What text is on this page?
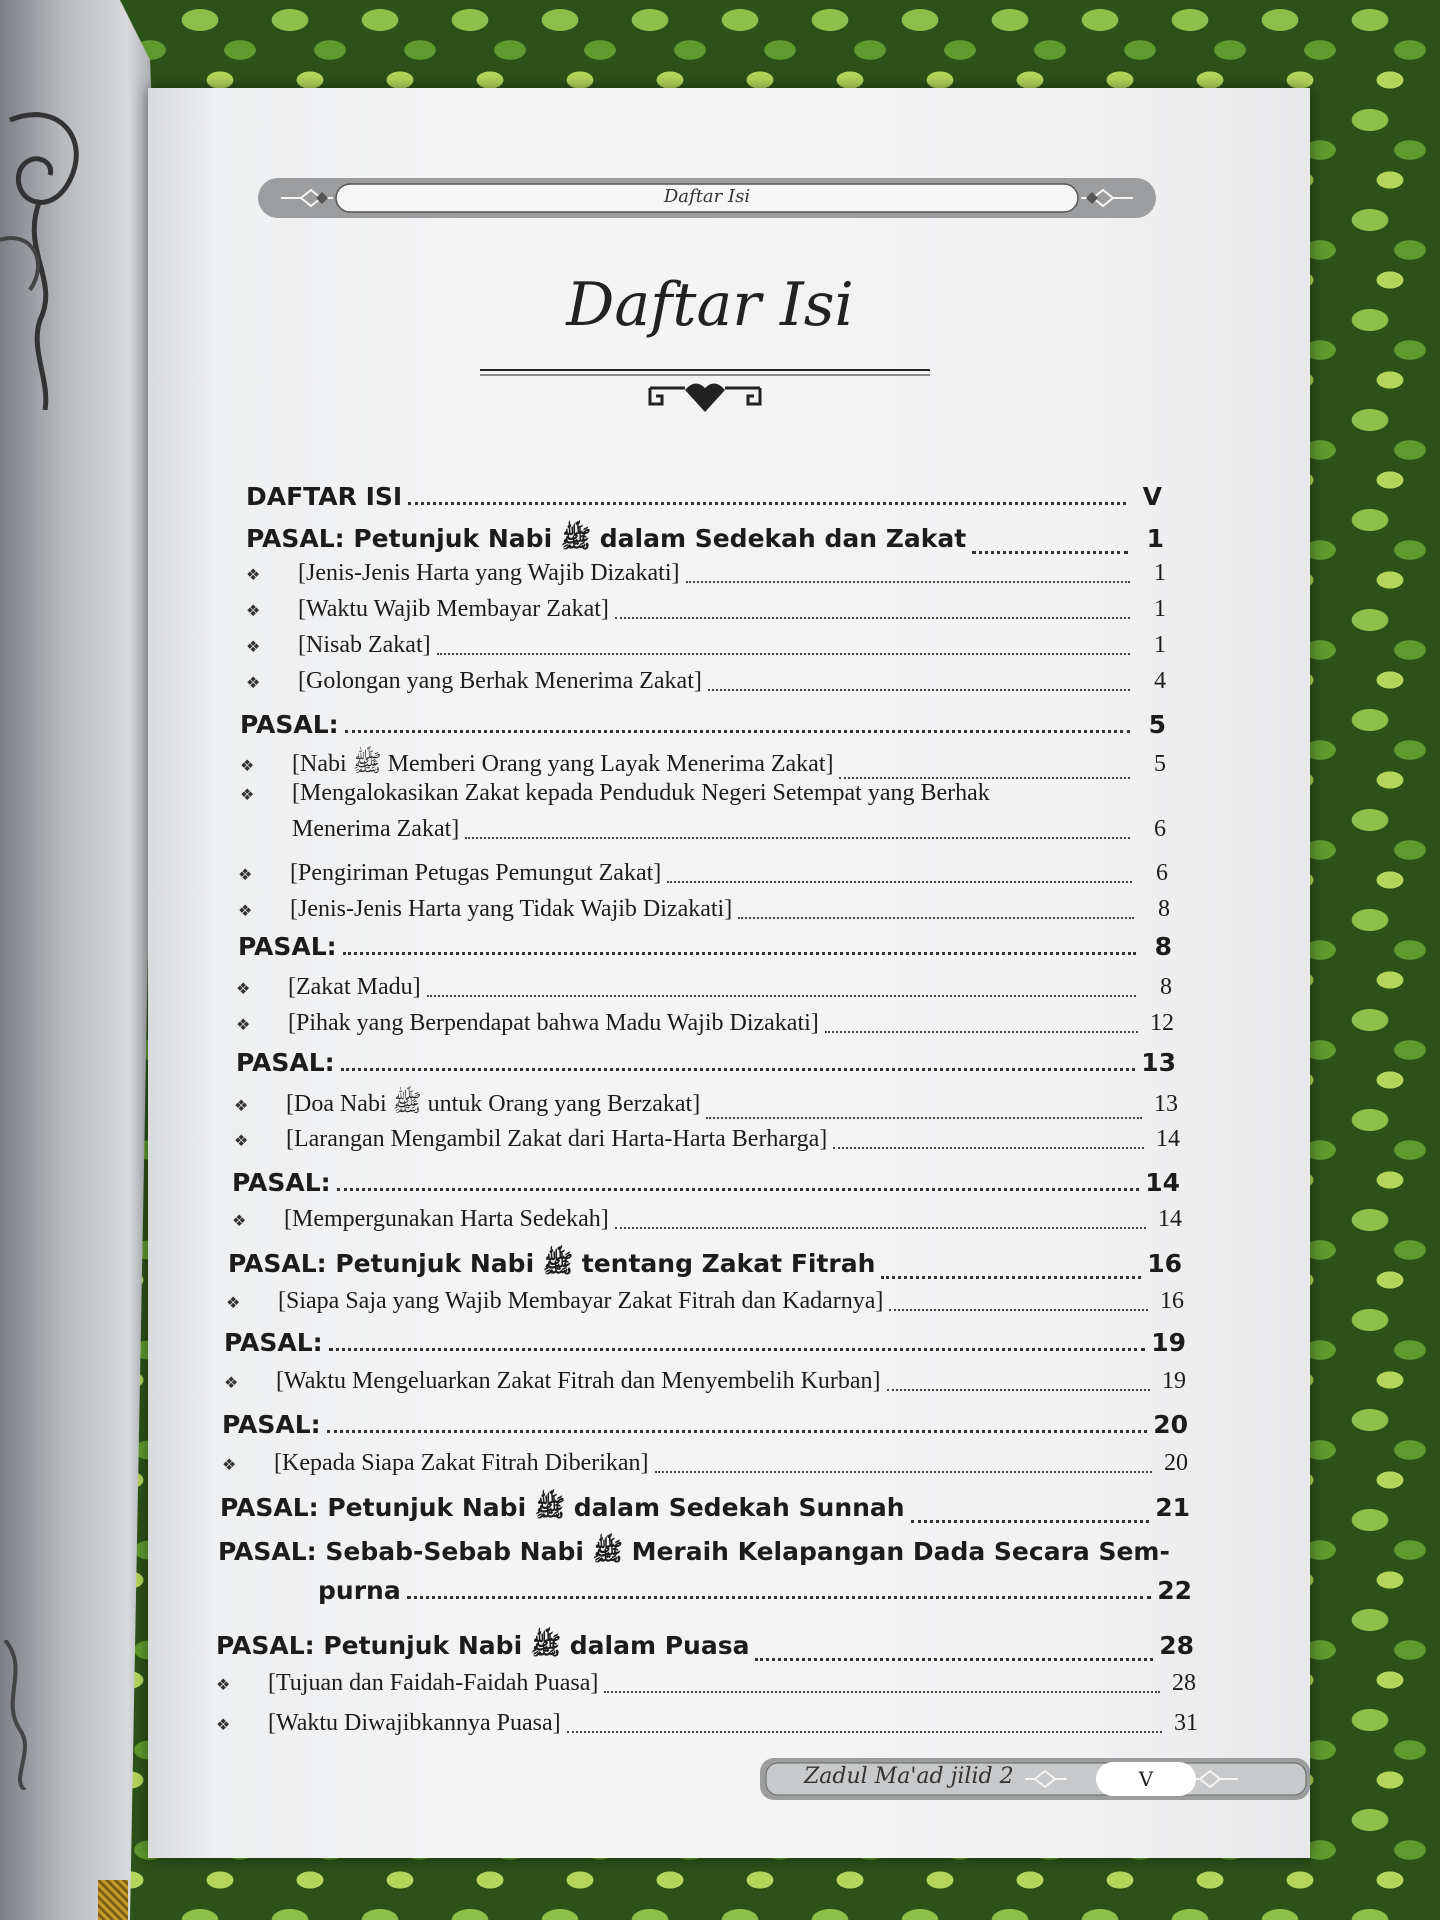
Daftar Isi
Daftar Isi
DAFTAR ISI	V
PASAL: Petunjuk Nabi ﷺ dalam Sedekah dan Zakat	1
❖	[Jenis-Jenis Harta yang Wajib Dizakati]	1
❖	[Waktu Wajib Membayar Zakat]	1
❖	[Nisab Zakat]	1
❖	[Golongan yang Berhak Menerima Zakat]	4
PASAL:	5
❖	[Nabi ﷺ Memberi Orang yang Layak Menerima Zakat]	5
❖	[Mengalokasikan Zakat kepada Penduduk Negeri Setempat yang Berhak
Menerima Zakat]	6
❖	[Pengiriman Petugas Pemungut Zakat]	6
❖	[Jenis-Jenis Harta yang Tidak Wajib Dizakati]	8
PASAL:	8
❖	[Zakat Madu]	8
❖	[Pihak yang Berpendapat bahwa Madu Wajib Dizakati]	12
PASAL:	13
❖	[Doa Nabi ﷺ untuk Orang yang Berzakat]	13
❖	[Larangan Mengambil Zakat dari Harta-Harta Berharga]	14
PASAL:	14
❖	[Mempergunakan Harta Sedekah]	14
PASAL: Petunjuk Nabi ﷺ tentang Zakat Fitrah	16
❖	[Siapa Saja yang Wajib Membayar Zakat Fitrah dan Kadarnya]	16
PASAL:	19
❖	[Waktu Mengeluarkan Zakat Fitrah dan Menyembelih Kurban]	19
PASAL:	20
❖	[Kepada Siapa Zakat Fitrah Diberikan]	20
PASAL: Petunjuk Nabi ﷺ dalam Sedekah Sunnah	21
PASAL: Sebab-Sebab Nabi ﷺ Meraih Kelapangan Dada Secara Sem-
purna	22
PASAL: Petunjuk Nabi ﷺ dalam Puasa	28
❖	[Tujuan dan Faidah-Faidah Puasa]	28
❖	[Waktu Diwajibkannya Puasa]	31
Zadul Ma'ad jilid 2	V
